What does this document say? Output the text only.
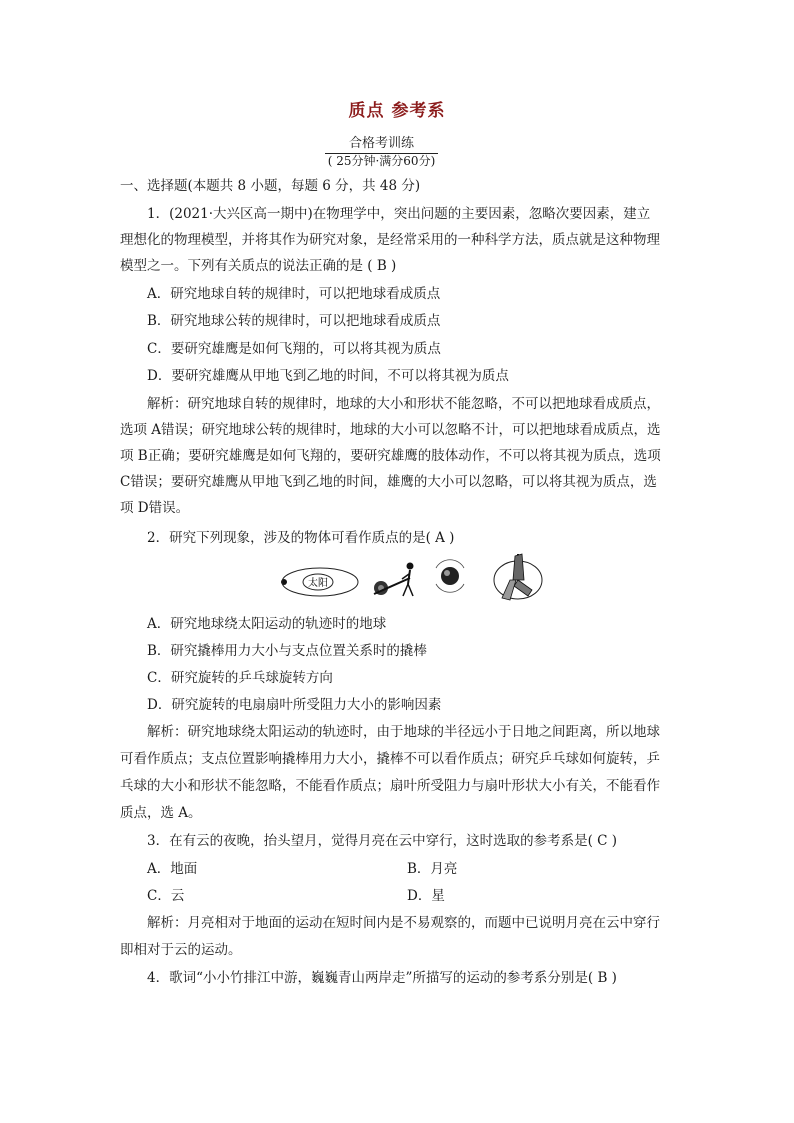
质点 参考系
合格考训练
( 25分钟·满分60分)
一、选择题(本题共 8 小题，每题 6 分，共 48 分)
1．(2021·大兴区高一期中)在物理学中，突出问题的主要因素，忽略次要因素，建立
理想化的物理模型，并将其作为研究对象，是经常采用的一种科学方法，质点就是这种物理
模型之一。下列有关质点的说法正确的是 ( B )
A．研究地球自转的规律时，可以把地球看成质点
B．研究地球公转的规律时，可以把地球看成质点
C．要研究雄鹰是如何飞翔的，可以将其视为质点
D．要研究雄鹰从甲地飞到乙地的时间，不可以将其视为质点
解析：研究地球自转的规律时，地球的大小和形状不能忽略，不可以把地球看成质点，
选项 A错误；研究地球公转的规律时，地球的大小可以忽略不计，可以把地球看成质点，选
项 B正确；要研究雄鹰是如何飞翔的，要研究雄鹰的肢体动作，不可以将其视为质点，选项
C错误；要研究雄鹰从甲地飞到乙地的时间，雄鹰的大小可以忽略，可以将其视为质点，选
项 D错误。
2．研究下列现象，涉及的物体可看作质点的是( A )
太阳
A．研究地球绕太阳运动的轨迹时的地球
B．研究撬棒用力大小与支点位置关系时的撬棒
C．研究旋转的乒乓球旋转方向
D．研究旋转的电扇扇叶所受阻力大小的影响因素
解析：研究地球绕太阳运动的轨迹时，由于地球的半径远小于日地之间距离，所以地球
可看作质点；支点位置影响撬棒用力大小，撬棒不可以看作质点；研究乒乓球如何旋转，乒
乓球的大小和形状不能忽略，不能看作质点；扇叶所受阻力与扇叶形状大小有关，不能看作
质点，选 A。
3．在有云的夜晚，抬头望月，觉得月亮在云中穿行，这时选取的参考系是( C )
A．地面	B．月亮
C．云	D．星
解析：月亮相对于地面的运动在短时间内是不易观察的，而题中已说明月亮在云中穿行
即相对于云的运动。
4．歌词“小小竹排江中游，巍巍青山两岸走”所描写的运动的参考系分别是( B )
